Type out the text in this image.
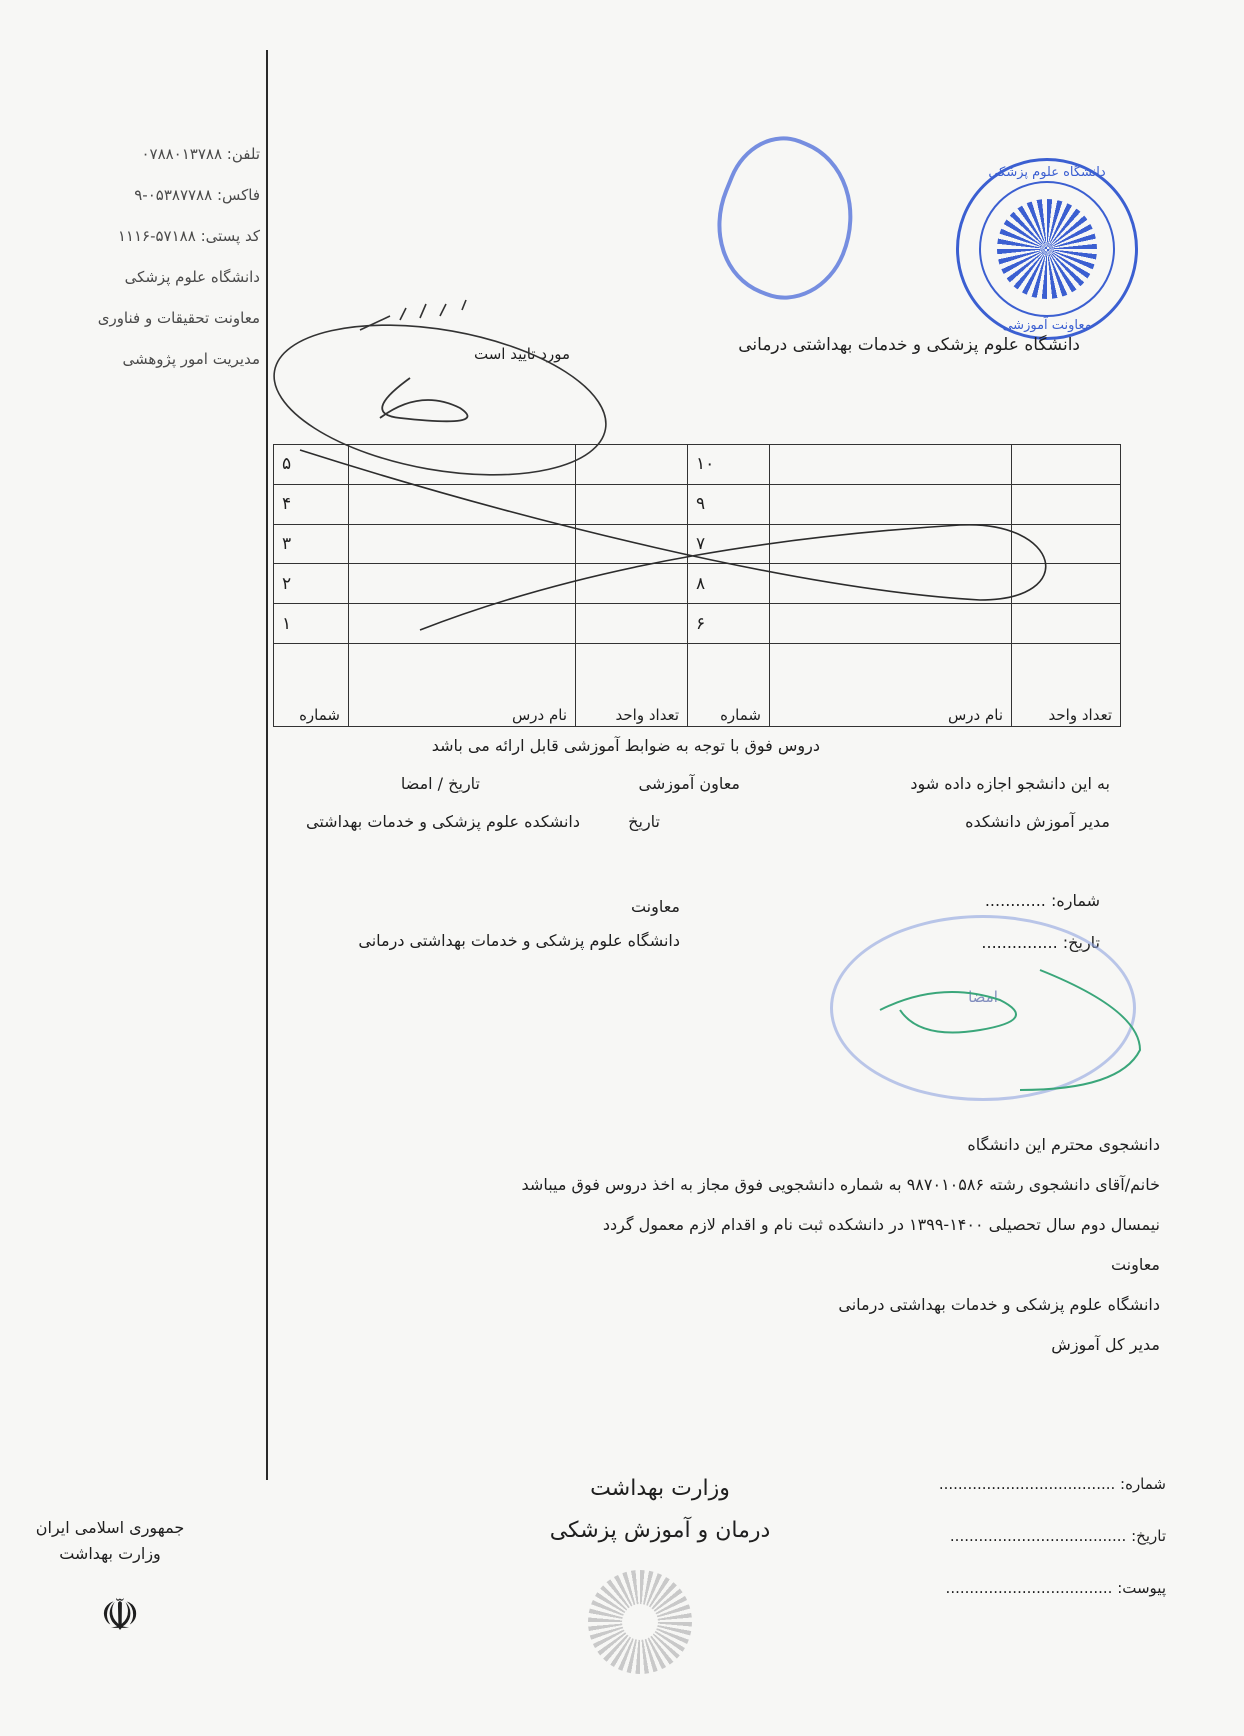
تلفن: ۰۷۸۸۰۱۳۷۸۸
فاکس: ۰۵۳۸۷۷۸۸-۹
کد پستی: ۵۷۱۸۸-۱۱۱۶
دانشگاه علوم پزشکی
معاونت تحقیقات و فناوری
مدیریت امور پژوهشی
دانشگاه علوم پزشکی
معاونت آموزشی
دانشگاه علوم پزشکی و خدمات بهداشتی درمانی
مورد تایید است
۵			۱۰		
۴			۹		
۳			۷		
۲			۸		
۱			۶		
شماره	نام درس	تعداد واحد	شماره	نام درس	تعداد واحد
دروس فوق با توجه به ضوابط آموزشی قابل ارائه می باشد
به این دانشجو اجازه داده شود
معاون آموزشی
تاریخ / امضا
مدیر آموزش دانشکده
تاریخ
دانشکده علوم پزشکی و خدمات بهداشتی
معاونت
دانشگاه علوم پزشکی و خدمات بهداشتی درمانی
شماره: ............
تاریخ: ...............
امضا
دانشجوی محترم این دانشگاه
خانم/آقای دانشجوی رشته ۹۸۷۰۱۰۵۸۶ به شماره دانشجویی فوق مجاز به اخذ دروس فوق میباشد
نیمسال دوم سال تحصیلی ۱۴۰۰-۱۳۹۹ در دانشکده ثبت نام و اقدام لازم معمول گردد
معاونت
دانشگاه علوم پزشکی و خدمات بهداشتی درمانی
مدیر کل آموزش
وزارت بهداشت
درمان و آموزش پزشکی
شماره: .....................................
تاریخ: .....................................
پیوست: ...................................
جمهوری اسلامی ایران
وزارت بهداشت
☫
